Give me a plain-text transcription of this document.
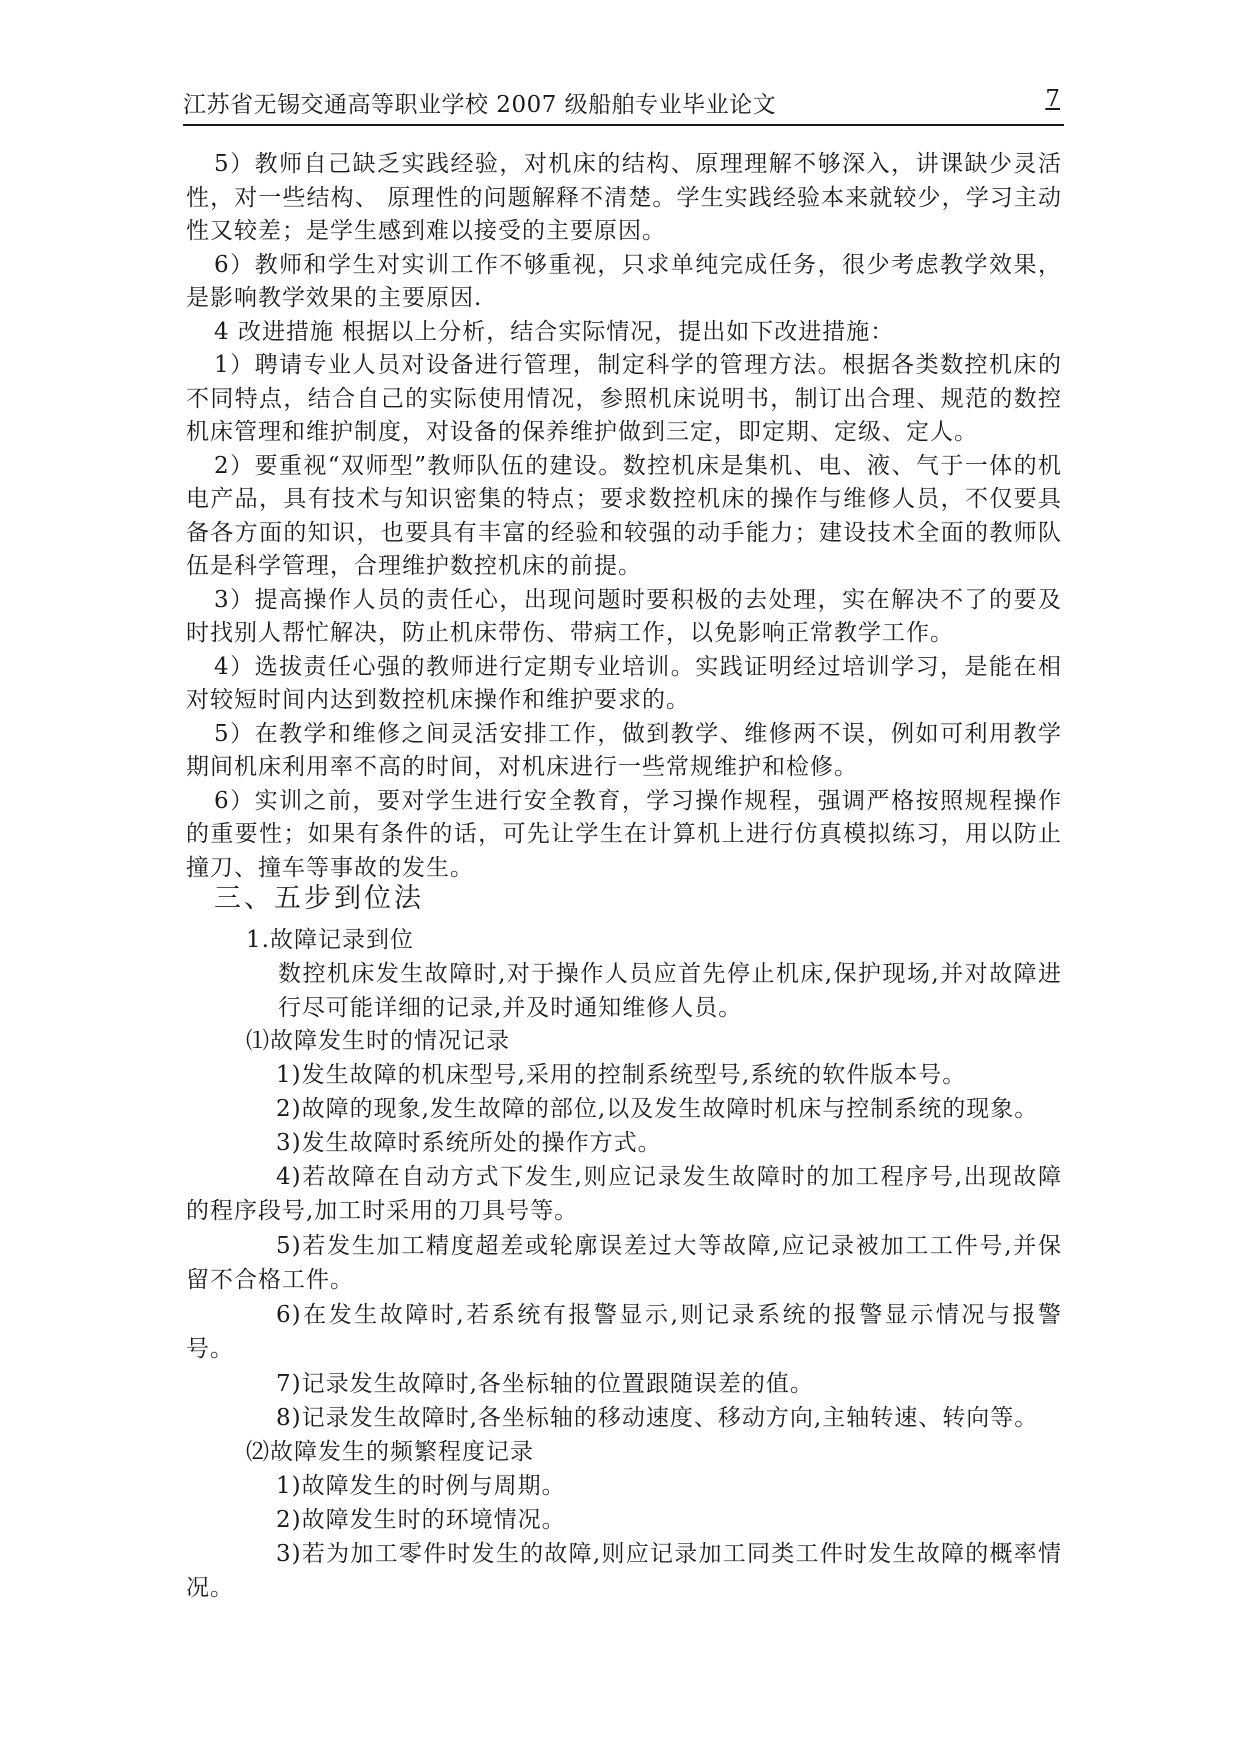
江苏省无锡交通高等职业学校 2007 级船舶专业毕业论文	7

5）教师自己缺乏实践经验，对机床的结构、原理理解不够深入，讲课缺少灵活性，对一些结构、 原理性的问题解释不清楚。学生实践经验本来就较少，学习主动性又较差；是学生感到难以接受的主要原因。

6）教师和学生对实训工作不够重视，只求单纯完成任务，很少考虑教学效果，是影响教学效果的主要原因.

4 改进措施 根据以上分析，结合实际情况，提出如下改进措施：

1）聘请专业人员对设备进行管理，制定科学的管理方法。根据各类数控机床的不同特点，结合自己的实际使用情况，参照机床说明书，制订出合理、规范的数控机床管理和维护制度，对设备的保养维护做到三定，即定期、定级、定人。

2）要重视“双师型”教师队伍的建设。数控机床是集机、电、液、气于一体的机电产品，具有技术与知识密集的特点；要求数控机床的操作与维修人员，不仅要具备各方面的知识，也要具有丰富的经验和较强的动手能力；建设技术全面的教师队伍是科学管理，合理维护数控机床的前提。

3）提高操作人员的责任心，出现问题时要积极的去处理，实在解决不了的要及时找别人帮忙解决，防止机床带伤、带病工作，以免影响正常教学工作。

4）选拔责任心强的教师进行定期专业培训。实践证明经过培训学习，是能在相对较短时间内达到数控机床操作和维护要求的。

5）在教学和维修之间灵活安排工作，做到教学、维修两不误，例如可利用教学期间机床利用率不高的时间，对机床进行一些常规维护和检修。

6）实训之前，要对学生进行安全教育，学习操作规程，强调严格按照规程操作的重要性；如果有条件的话，可先让学生在计算机上进行仿真模拟练习，用以防止撞刀、撞车等事故的发生。

三、五步到位法
1.故障记录到位

数控机床发生故障时,对于操作人员应首先停止机床,保护现场,并对故障进行尽可能详细的记录,并及时通知维修人员。

⑴故障发生时的情况记录
1)发生故障的机床型号,采用的控制系统型号,系统的软件版本号。
2)故障的现象,发生故障的部位,以及发生故障时机床与控制系统的现象。
3)发生故障时系统所处的操作方式。

4)若故障在自动方式下发生,则应记录发生故障时的加工程序号,出现故障的程序段号,加工时采用的刀具号等。

5)若发生加工精度超差或轮廓误差过大等故障,应记录被加工工件号,并保留不合格工件。

6)在发生故障时,若系统有报警显示,则记录系统的报警显示情况与报警号。

7)记录发生故障时,各坐标轴的位置跟随误差的值。
8)记录发生故障时,各坐标轴的移动速度、移动方向,主轴转速、转向等。
⑵故障发生的频繁程度记录
1)故障发生的时例与周期。
2)故障发生时的环境情况。

3)若为加工零件时发生的故障,则应记录加工同类工件时发生故障的概率情况。
